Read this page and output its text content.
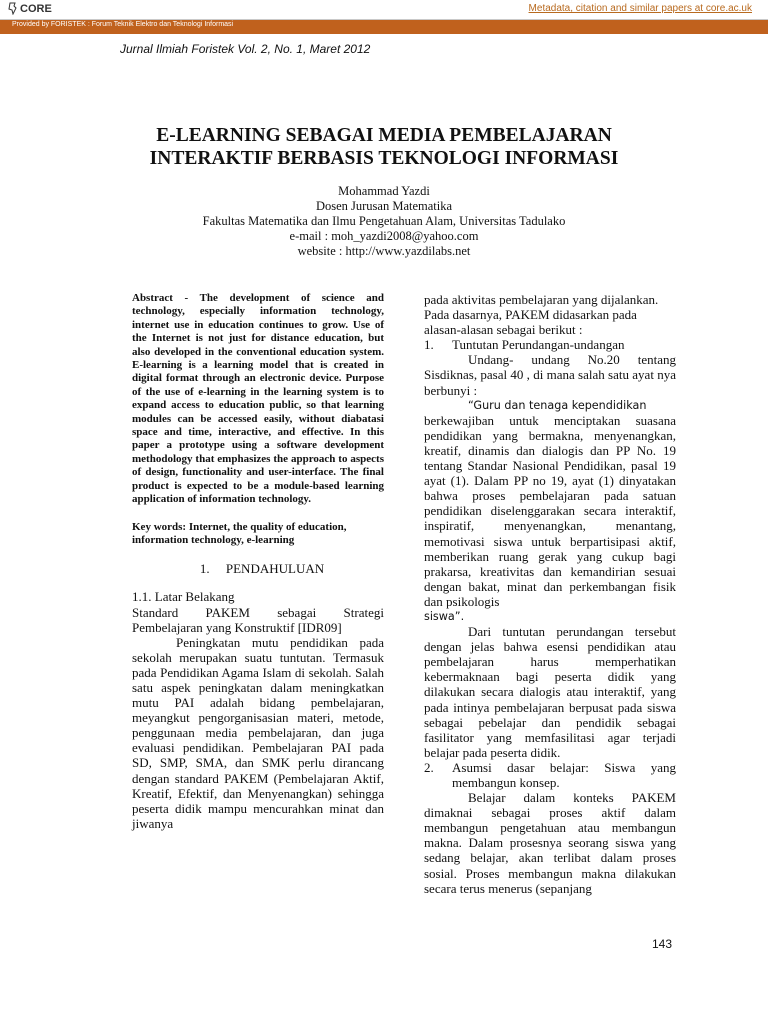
CORE	Metadata, citation and similar papers at core.ac.uk
Provided by FORISTEK : Forum Teknik Elektro dan Teknologi Informasi
Jurnal Ilmiah Foristek Vol. 2, No. 1, Maret 2012
E-LEARNING SEBAGAI MEDIA PEMBELAJARAN
INTERAKTIF BERBASIS TEKNOLOGI INFORMASI
Mohammad Yazdi
Dosen Jurusan Matematika
Fakultas Matematika dan Ilmu Pengetahuan Alam, Universitas Tadulako
e-mail : moh_yazdi2008@yahoo.com
website : http://www.yazdilabs.net

Abstract - The development of science and technology, especially information technology, internet use in education continues to grow. Use of the Internet is not just for distance education, but also developed in the conventional education system. E-learning is a learning model that is created in digital format through an electronic device. Purpose of the use of e-learning in the learning system is to expand access to education public, so that learning modules can be accessed easily, without diabatasi space and time, interactive, and effective. In this paper a prototype using a software development methodology that emphasizes the approach to aspects of design, functionality and user-interface. The final product is expected to be a module-based learning application of information technology.

Key words: Internet, the quality of education, information technology, e-learning

1. PENDAHULUAN

1.1. Latar Belakang

Standard PAKEM sebagai Strategi Pembelajaran yang Konstruktif [IDR09]

Peningkatan mutu pendidikan pada sekolah merupakan suatu tuntutan. Termasuk pada Pendidikan Agama Islam di sekolah. Salah satu aspek peningkatan dalam meningkatkan mutu PAI adalah bidang pembelajaran, meyangkut pengorganisasian materi, metode, penggunaan media pembelajaran, dan juga evaluasi pendidikan. Pembelajaran PAI pada SD, SMP, SMA, dan SMK perlu dirancang dengan standard PAKEM (Pembelajaran Aktif, Kreatif, Efektif, dan Menyenangkan) sehingga peserta didik mampu mencurahkan minat dan jiwanya

pada aktivitas pembelajaran yang dijalankan.

Pada dasarnya, PAKEM didasarkan pada alasan-alasan sebagai berikut :

1.	Tuntutan Perundangan-undangan

Undang- undang No.20 tentang Sisdiknas, pasal 40 , di mana salah satu ayat nya berbunyi :

“Guru dan tenaga kependidikan

berkewajiban untuk menciptakan suasana pendidikan yang bermakna, menyenangkan, kreatif, dinamis dan dialogis dan PP No. 19 tentang Standar Nasional Pendidikan, pasal 19 ayat (1). Dalam PP no 19, ayat (1) dinyatakan bahwa proses pembelajaran pada satuan pendidikan diselenggarakan secara interaktif, inspiratif, menyenangkan, menantang, memotivasi siswa untuk berpartisipasi aktif, memberikan ruang gerak yang cukup bagi prakarsa, kreativitas dan kemandirian sesuai dengan bakat, minat dan perkembangan fisik dan psikologis

siswa”.

Dari tuntutan perundangan tersebut dengan jelas bahwa esensi pendidikan atau pembelajaran harus memperhatikan kebermaknaan bagi peserta didik yang dilakukan secara dialogis atau interaktif, yang pada intinya pembelajaran berpusat pada siswa sebagai pebelajar dan pendidik sebagai fasilitator yang memfasilitasi agar terjadi belajar pada peserta didik.

2.	Asumsi dasar belajar: Siswa yang membangun konsep.

Belajar dalam konteks PAKEM dimaknai sebagai proses aktif dalam membangun pengetahuan atau membangun makna. Dalam prosesnya seorang siswa yang sedang belajar, akan terlibat dalam proses sosial. Proses membangun makna dilakukan secara terus menerus (sepanjang

143
